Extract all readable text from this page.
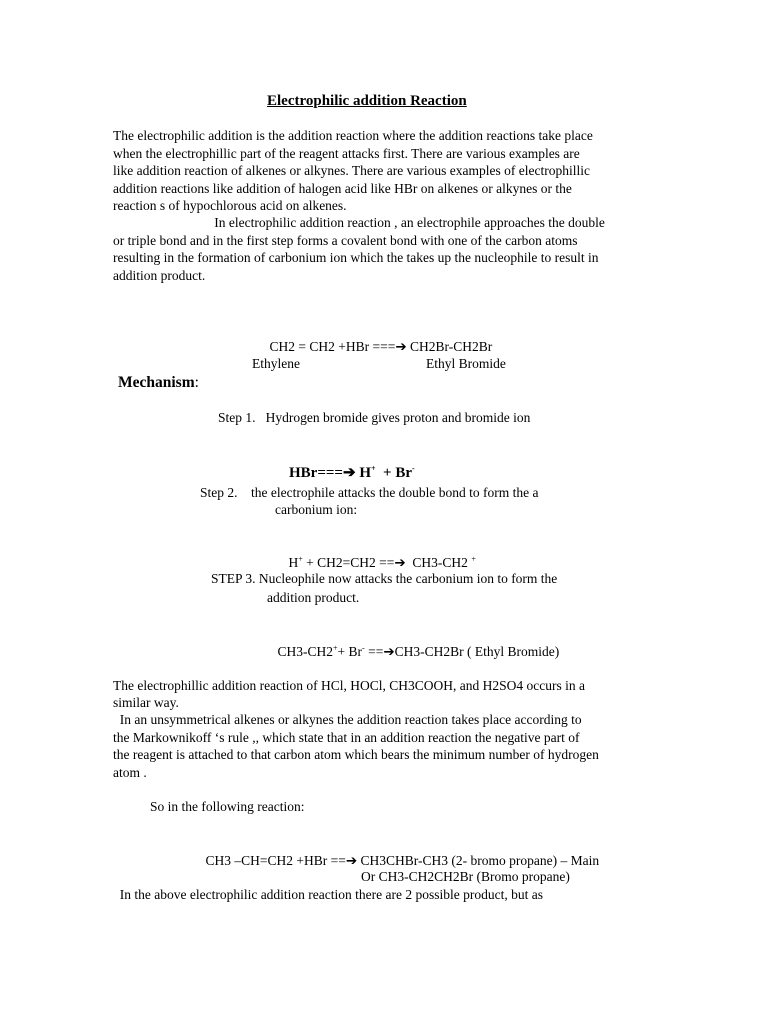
Electrophilic addition Reaction
The electrophilic addition is the addition reaction where the addition reactions take place
when the electrophillic part of the reagent attacks first. There are various examples are
like addition reaction of alkenes or alkynes. There are various examples of electrophillic
addition reactions like addition of halogen acid like HBr on alkenes or alkynes or the
reaction s of hypochlorous acid on alkenes.
In electrophilic addition reaction , an electrophile approaches the double
or triple bond and in the first step forms a covalent bond with one of the carbon atoms
resulting in the formation of carbonium ion which the takes up the nucleophile to result in
addition product.

CH2 = CH2 +HBr ===➔ CH2Br-CH2Br

Ethylene	Ethyl Bromide
Mechanism:
Step 1.   Hydrogen bromide gives proton and bromide ion

HBr===➔ H+  + Br-

Step 2.    the electrophile attacks the double bond to form the a
carbonium ion:

H+ + CH2=CH2 ==➔  CH3-CH2 +

STEP 3. Nucleophile now attacks the carbonium ion to form the
addition product.

CH3-CH2++ Br- ==➔CH3-CH2Br ( Ethyl Bromide)

The electrophillic addition reaction of HCl, HOCl, CH3COOH, and H2SO4 occurs in a
similar way.
In an unsymmetrical alkenes or alkynes the addition reaction takes place according to
the Markownikoff ‘s rule ,, which state that in an addition reaction the negative part of
the reagent is attached to that carbon atom which bears the minimum number of hydrogen
atom .
So in the following reaction:

CH3 –CH=CH2 +HBr ==➔ CH3CHBr-CH3 (2- bromo propane) – Main

Or CH3-CH2CH2Br (Bromo propane)
In the above electrophilic addition reaction there are 2 possible product, but as
